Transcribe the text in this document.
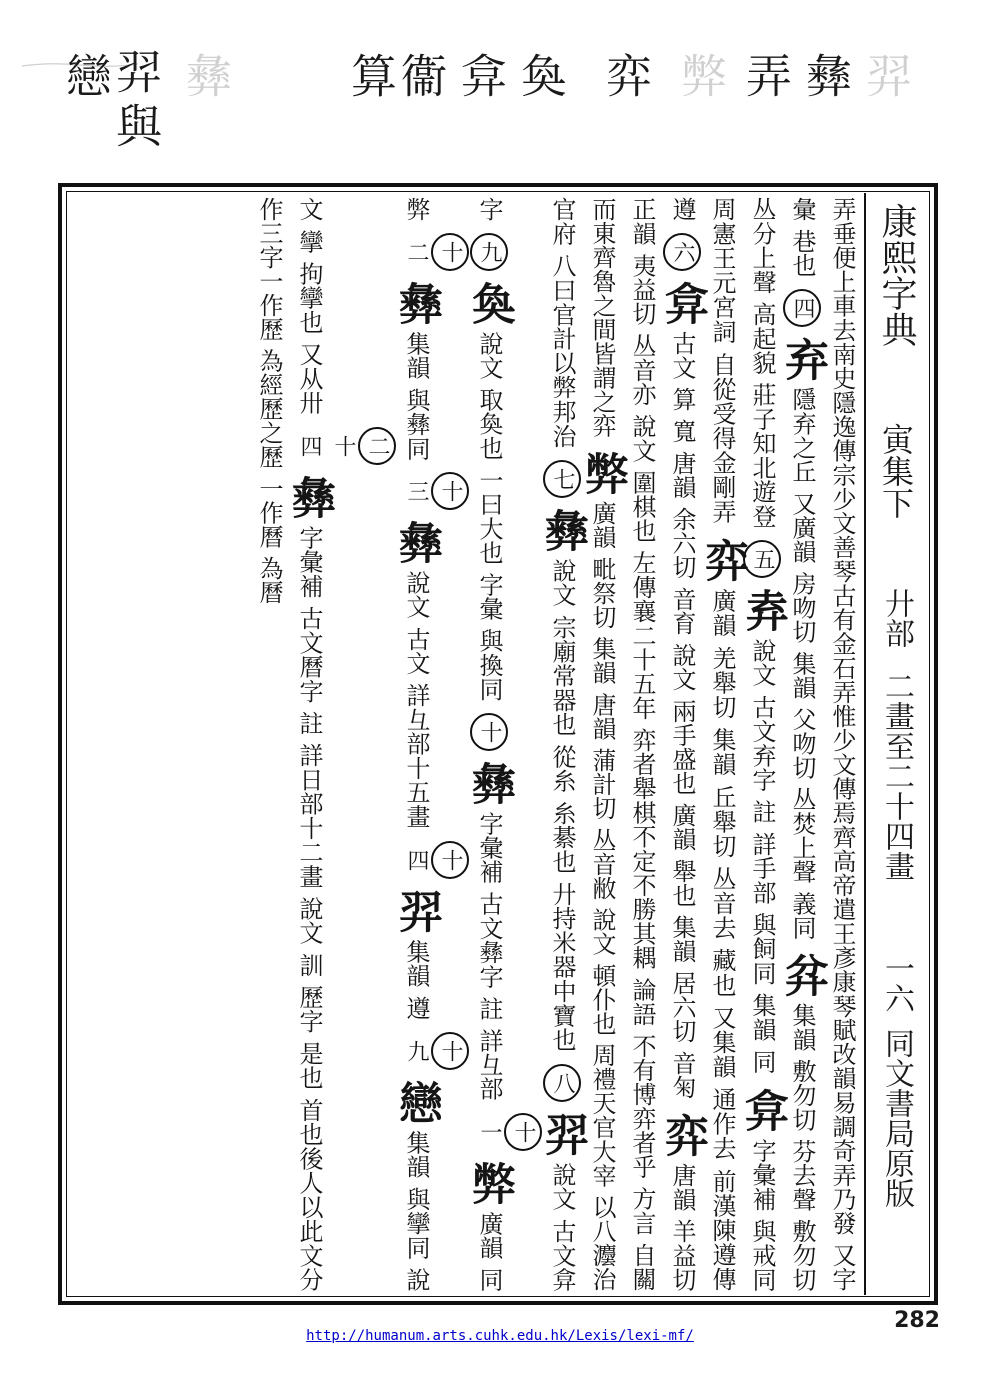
戀
羿
與
彝 算
衞 弇 奐 弈 弊 弄 彝 羿
康熙字典
寅集下
廾部
二畫至二十四畫
一六
同文書局原版
弄垂便上車去南史隱逸傳宗少文善琴古有金石弄惟少文傳焉齊高帝遣王彥康琴賦改韻易調奇弄乃發 又字彙 巷也 四弃隱弃之丘 又廣韻 房吻切 集韻 父吻切 丛焚上聲 義同 弅集韻 敷勿切 芬去聲 敷勿切 丛分上聲 高起貌 莊子知北遊登 五弆說文 古文弃字 註 詳手部 與飼同 集韻 同 弇字彙補 與戒同 周憲王元宮詞 自從受得金剛弄 弈廣韻 羌舉切 集韻 丘舉切 丛音去 藏也 又集韻 通作去 前漢陳遵傳 遵 六弇古文 算 寬 唐韻 余六切 音育 說文 兩手盛也 廣韻 舉也 集韻 居六切 音匊 弈唐韻 羊益切 正韻 夷益切 丛音亦 說文 圍棋也 左傳襄二十五年 弈者舉棋不定不勝其耦 論語 不有博弈者乎 方言 自關而東齊魯之間皆謂之弈 弊廣韻 毗祭切 集韻 唐韻 蒲計切 丛音敝 說文 頓仆也 周禮天官大宰 以八灋治官府 八曰官計以弊邦治 七彝說文 宗廟常器也 從糸 糸綦也 廾持米器中寶也 八羿說文 古文弇字 九奐說文 取奐也 一曰大也 字彙 與換同 十彝字彙補 古文彝字 註 詳彑部 十一弊廣韻 同弊 十二彝集韻 與彝同 十三彝說文 古文 詳彑部十五畫 十四羿集韻 遵 十九戀集韻 與攣同 說文 攣 拘攣也 又从卅 二十四彝字彙補 古文曆字 註 詳日部十二畫 說文 訓 歷字 是也 首也後人以此文分作三字一作歷 為經歷之歷 一作曆 為曆
282
http://humanum.arts.cuhk.edu.hk/Lexis/lexi-mf/
